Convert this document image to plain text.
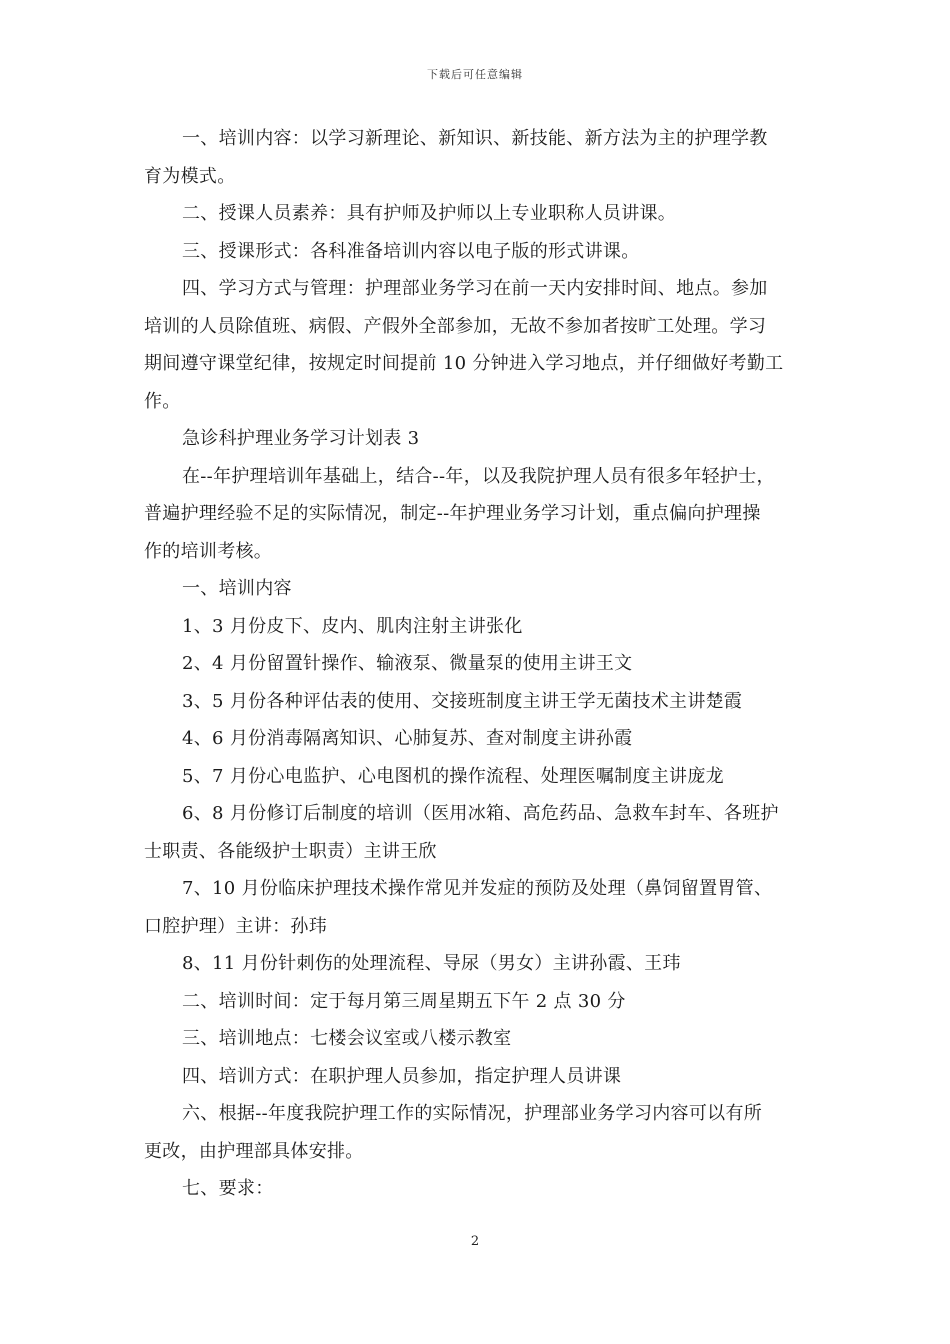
下载后可任意编辑
一、培训内容：以学习新理论、新知识、新技能、新方法为主的护理学教
育为模式。
二、授课人员素养：具有护师及护师以上专业职称人员讲课。
三、授课形式：各科准备培训内容以电子版的形式讲课。
四、学习方式与管理：护理部业务学习在前一天内安排时间、地点。参加
培训的人员除值班、病假、产假外全部参加，无故不参加者按旷工处理。学习
期间遵守课堂纪律，按规定时间提前 10 分钟进入学习地点，并仔细做好考勤工
作。
急诊科护理业务学习计划表 3
在--年护理培训年基础上，结合--年，以及我院护理人员有很多年轻护士，
普遍护理经验不足的实际情况，制定--年护理业务学习计划，重点偏向护理操
作的培训考核。
一、培训内容
1、3 月份皮下、皮内、肌肉注射主讲张化
2、4 月份留置针操作、输液泵、微量泵的使用主讲王文
3、5 月份各种评估表的使用、交接班制度主讲王学无菌技术主讲楚霞
4、6 月份消毒隔离知识、心肺复苏、查对制度主讲孙霞
5、7 月份心电监护、心电图机的操作流程、处理医嘱制度主讲庞龙
6、8 月份修订后制度的培训（医用冰箱、高危药品、急救车封车、各班护
士职责、各能级护士职责）主讲王欣
7、10 月份临床护理技术操作常见并发症的预防及处理（鼻饲留置胃管、
口腔护理）主讲：孙玮
8、11 月份针刺伤的处理流程、导尿（男女）主讲孙霞、王玮
二、培训时间：定于每月第三周星期五下午 2 点 30 分
三、培训地点：七楼会议室或八楼示教室
四、培训方式：在职护理人员参加，指定护理人员讲课
六、根据--年度我院护理工作的实际情况，护理部业务学习内容可以有所
更改，由护理部具体安排。
七、要求：
2
